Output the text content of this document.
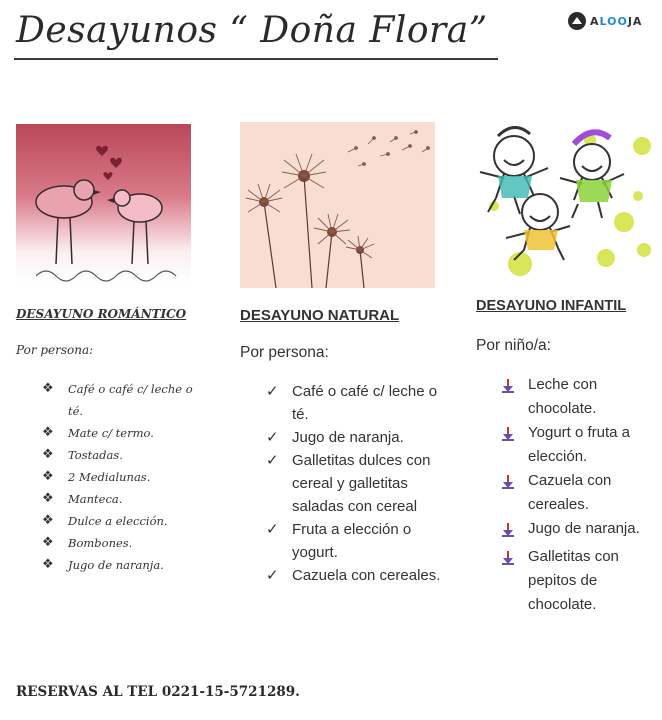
Desayunos “ Doña Flora”	ALOOJA
DESAYUNO ROMÁNTICO	DESAYUNO NATURAL
DESAYUNO INFANTIL
Por persona:	Por persona:	Por niño/a:
❖	Café o café c/ leche o té.
❖	Mate c/ termo.
❖	Tostadas.
❖	2 Medialunas.
❖	Manteca.
❖	Dulce a elección.
❖	Bombones.
❖	Jugo de naranja.
✓ Café o café c/ leche o té.
✓ Jugo de naranja.
✓ Galletitas dulces con cereal y galletitas saladas con cereal
✓ Fruta a elección o yogurt.
✓ Cazuela con cereales.
Leche con chocolate.
Yogurt o fruta a elección.
Cazuela con cereales.
Jugo de naranja.
Galletitas con pepitos de chocolate.
RESERVAS AL TEL 0221-15-5721289.
